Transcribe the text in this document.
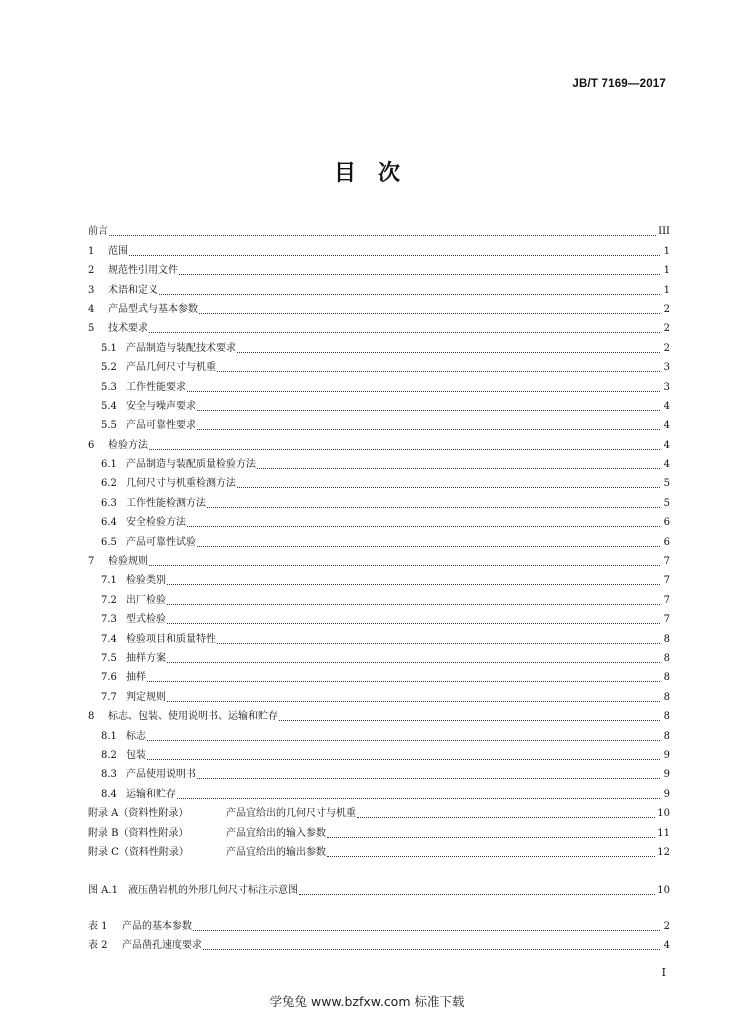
JB/T 7169—2017
目　次
前言	III
1	范围	1
2	规范性引用文件	1
3	术语和定义	1
4	产品型式与基本参数	2
5	技术要求	2
5.1 产品制造与装配技术要求	2
5.2 产品几何尺寸与机重	3
5.3 工作性能要求	3
5.4 安全与噪声要求	4
5.5 产品可靠性要求	4
6	检验方法	4
6.1 产品制造与装配质量检验方法	4
6.2 几何尺寸与机重检测方法	5
6.3 工作性能检测方法	5
6.4 安全检验方法	6
6.5 产品可靠性试验	6
7	检验规则	7
7.1 检验类别	7
7.2 出厂检验	7
7.3 型式检验	7
7.4 检验项目和质量特性	8
7.5 抽样方案	8
7.6 抽样	8
7.7 判定规则	8
8	标志、包装、使用说明书、运输和贮存	8
8.1 标志	8
8.2 包装	9
8.3 产品使用说明书	9
8.4 运输和贮存	9
附录 A（资料性附录）	产品宜给出的几何尺寸与机重	10
附录 B（资料性附录）	产品宜给出的输入参数	11
附录 C（资料性附录）	产品宜给出的输出参数	12
图 A.1	液压凿岩机的外形几何尺寸标注示意图	10
表 1	产品的基本参数	2
表 2	产品凿孔速度要求	4
I
学兔兔 www.bzfxw.com 标准下载
